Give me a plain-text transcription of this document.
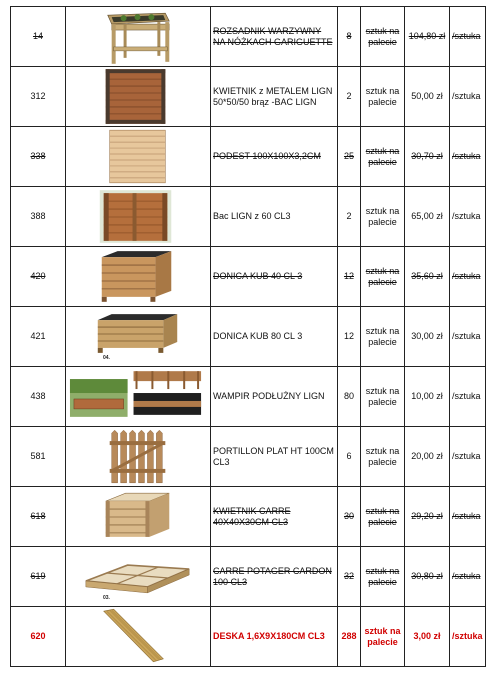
14		ROZSADNIK WARZYWNY NA NÓŻKACH GARIGUETTE	8	sztuk na palecie	104,80 zł	/sztuka
312		KWIETNIK z METALEM LIGN 50*50/50 brąz -BAC LIGN	2	sztuk na palecie	50,00 zł	/sztuka
338		PODEST 100X100X3,2CM	25	sztuk na palecie	30,70 zł	/sztuka
388		Bac LIGN z 60 CL3	2	sztuk na palecie	65,00 zł	/sztuka
420		DONICA KUB 40 CL 3	12	sztuk na palecie	35,60 zł	/sztuka
421	04.	DONICA KUB 80 CL 3	12	sztuk na palecie	30,00 zł	/sztuka
438		WAMPIR PODŁUŻNY LIGN	80	sztuk na palecie	10,00 zł	/sztuka
581		PORTILLON PLAT HT 100CM CL3	6	sztuk na palecie	20,00 zł	/sztuka
618		KWIETNIK CARRE 40X40X30CM CL3	30	sztuk na palecie	29,20 zł	/sztuka
619	03.	CARRE POTAGER CARDON 100 CL3	32	sztuk na palecie	30,80 zł	/sztuka
620		DESKA 1,6X9X180CM CL3	288	sztuk na palecie	3,00 zł	/sztuka
